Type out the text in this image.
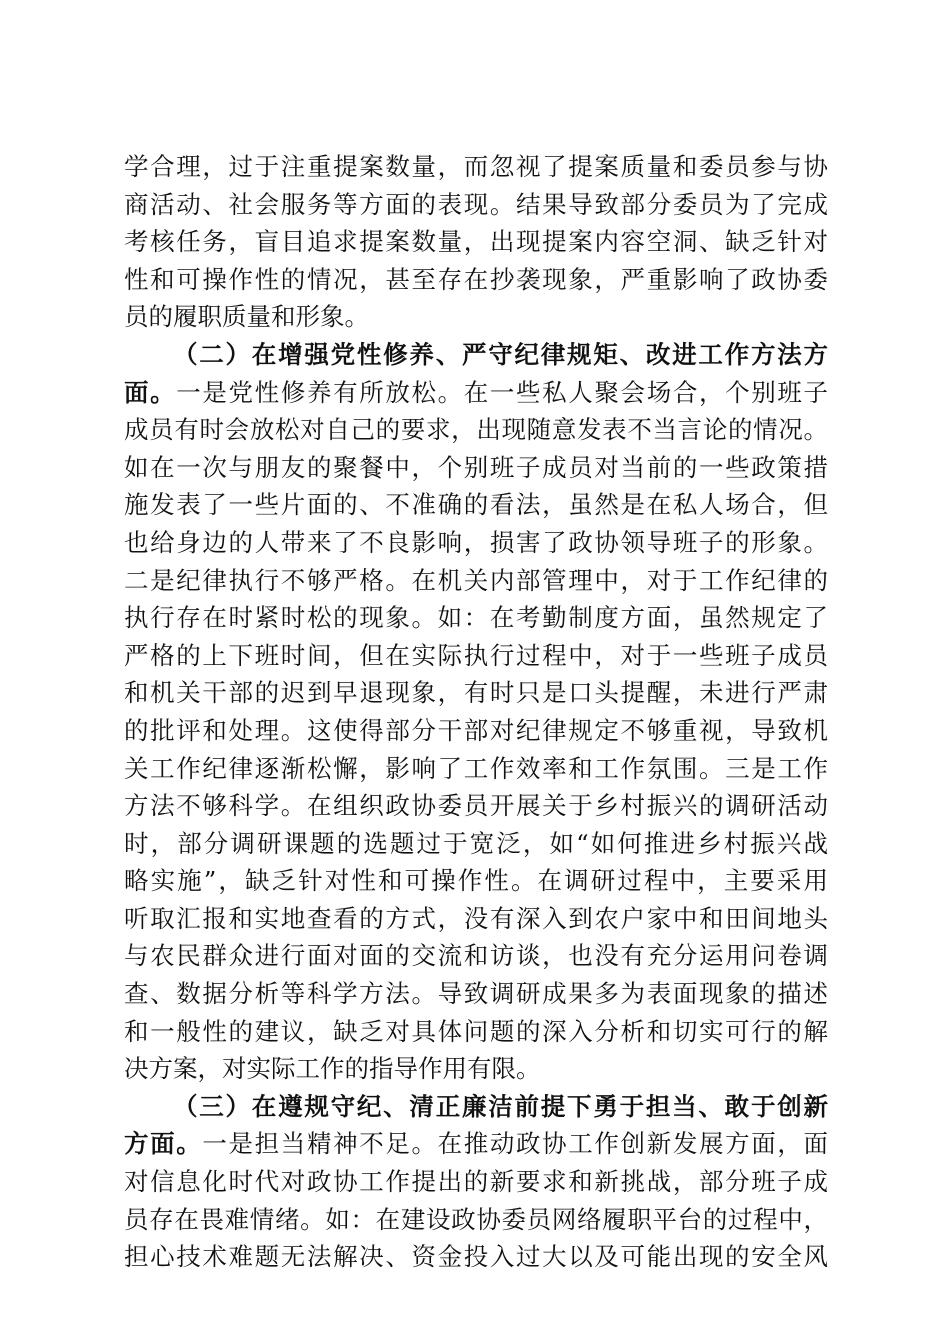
学合理，过于注重提案数量，而忽视了提案质量和委员参与协
商活动、社会服务等方面的表现。结果导致部分委员为了完成
考核任务，盲目追求提案数量，出现提案内容空洞、缺乏针对
性和可操作性的情况，甚至存在抄袭现象，严重影响了政协委
员的履职质量和形象。
（二）在增强党性修养、严守纪律规矩、改进工作方法方
面。一是党性修养有所放松。在一些私人聚会场合，个别班子
成员有时会放松对自己的要求，出现随意发表不当言论的情况。
如在一次与朋友的聚餐中，个别班子成员对当前的一些政策措
施发表了一些片面的、不准确的看法，虽然是在私人场合，但
也给身边的人带来了不良影响，损害了政协领导班子的形象。
二是纪律执行不够严格。在机关内部管理中，对于工作纪律的
执行存在时紧时松的现象。如：在考勤制度方面，虽然规定了
严格的上下班时间，但在实际执行过程中，对于一些班子成员
和机关干部的迟到早退现象，有时只是口头提醒，未进行严肃
的批评和处理。这使得部分干部对纪律规定不够重视，导致机
关工作纪律逐渐松懈，影响了工作效率和工作氛围。三是工作
方法不够科学。在组织政协委员开展关于乡村振兴的调研活动
时，部分调研课题的选题过于宽泛，如“如何推进乡村振兴战
略实施”，缺乏针对性和可操作性。在调研过程中，主要采用
听取汇报和实地查看的方式，没有深入到农户家中和田间地头
与农民群众进行面对面的交流和访谈，也没有充分运用问卷调
查、数据分析等科学方法。导致调研成果多为表面现象的描述
和一般性的建议，缺乏对具体问题的深入分析和切实可行的解
决方案，对实际工作的指导作用有限。
（三）在遵规守纪、清正廉洁前提下勇于担当、敢于创新
方面。一是担当精神不足。在推动政协工作创新发展方面，面
对信息化时代对政协工作提出的新要求和新挑战，部分班子成
员存在畏难情绪。如：在建设政协委员网络履职平台的过程中，
担心技术难题无法解决、资金投入过大以及可能出现的安全风
